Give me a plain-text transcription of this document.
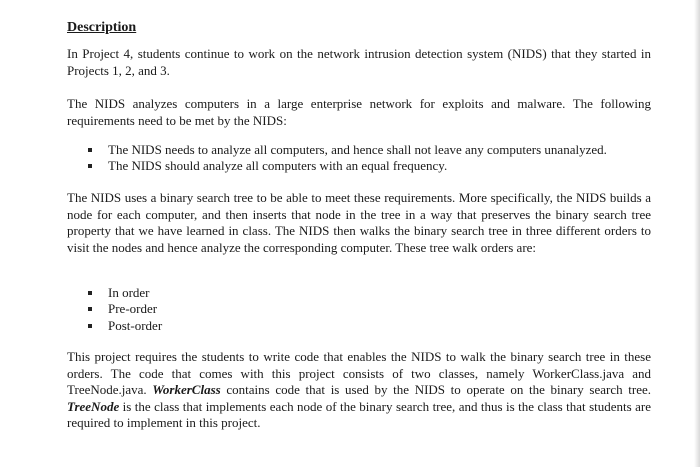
Description

In Project 4, students continue to work on the network intrusion detection system (NIDS) that they started in Projects 1, 2, and 3.

The NIDS analyzes computers in a large enterprise network for exploits and malware. The following requirements need to be met by the NIDS:

The NIDS needs to analyze all computers, and hence shall not leave any computers unanalyzed.
The NIDS should analyze all computers with an equal frequency.

The NIDS uses a binary search tree to be able to meet these requirements. More specifically, the NIDS builds a node for each computer, and then inserts that node in the tree in a way that preserves the binary search tree property that we have learned in class. The NIDS then walks the binary search tree in three different orders to visit the nodes and hence analyze the corresponding computer. These tree walk orders are:

In order
Pre-order
Post-order

This project requires the students to write code that enables the NIDS to walk the binary search tree in these orders. The code that comes with this project consists of two classes, namely WorkerClass.java and TreeNode.java. WorkerClass contains code that is used by the NIDS to operate on the binary search tree. TreeNode is the class that implements each node of the binary search tree, and thus is the class that students are required to implement in this project.
